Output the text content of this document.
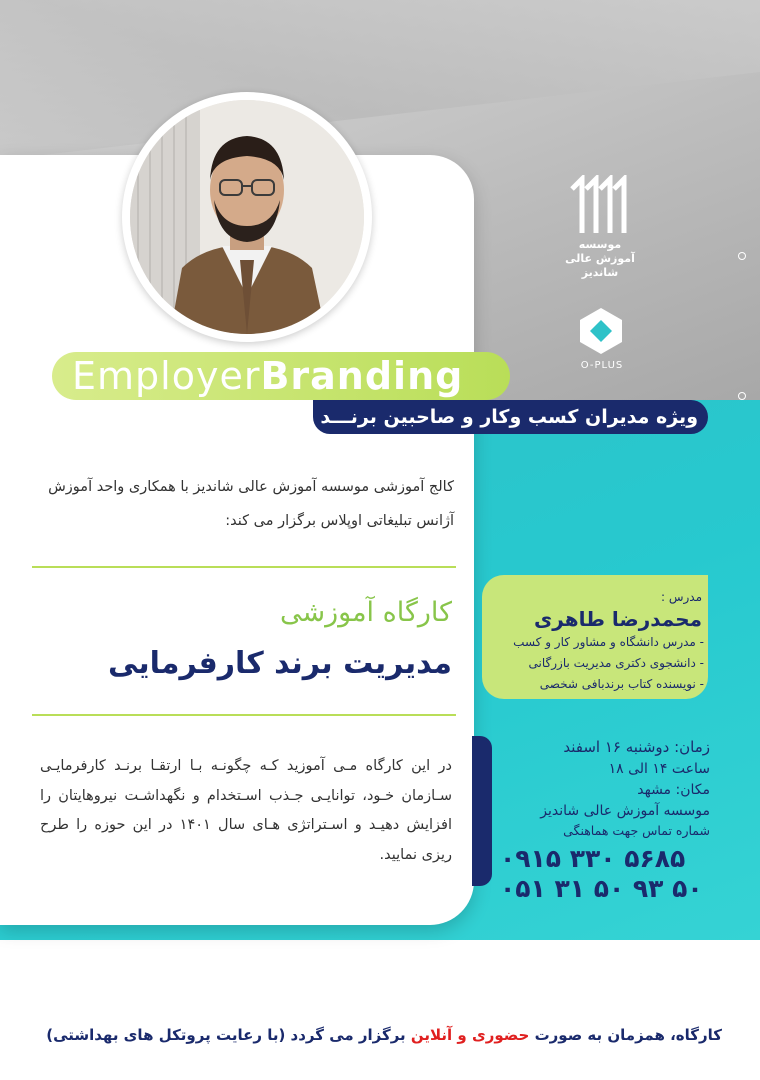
موسسه
آموزش عالی
شاندیز
O-PLUS
EmployerBranding
ویژه مدیران کسب وکار و صاحبین برنـــد
کالج آموزشی موسسه آموزش عالی شاندیز با همکاری واحد آموزش آژانس تبلیغاتی اوپلاس برگزار می کند:
کارگاه آموزشی
مدیریت برند کارفرمایی
در این کارگاه مـی آموزید کـه چگونـه بـا ارتقـا برنـد کارفرمایـی سـازمان خـود، توانایـی جـذب اسـتخدام و نگهداشـت نیروهایتان را افزایش دهیـد و اسـتراتژی هـای سال ۱۴۰۱ در این حوزه را طرح ریزی نمایید.
مدرس :
محمدرضا طاهری
- مدرس دانشگاه و مشاور کار و کسب
- دانشجوی دکتری مدیریت بازرگانی
- نویسنده کتاب برندبافی شخصی
زمان: دوشنبه ۱۶ اسفند
ساعت ۱۴ الی ۱۸
مکان: مشهد
موسسه آموزش عالی شاندیز
شماره تماس جهت هماهنگی
۰۹۱۵ ۳۳۰ ۵۶۸۵
۰۵۱ ۳۱ ۵۰ ۹۳ ۵۰
کارگاه، همزمان به صورت حضوری و آنلاین برگزار می گردد (با رعایت پروتکل های بهداشتی)
